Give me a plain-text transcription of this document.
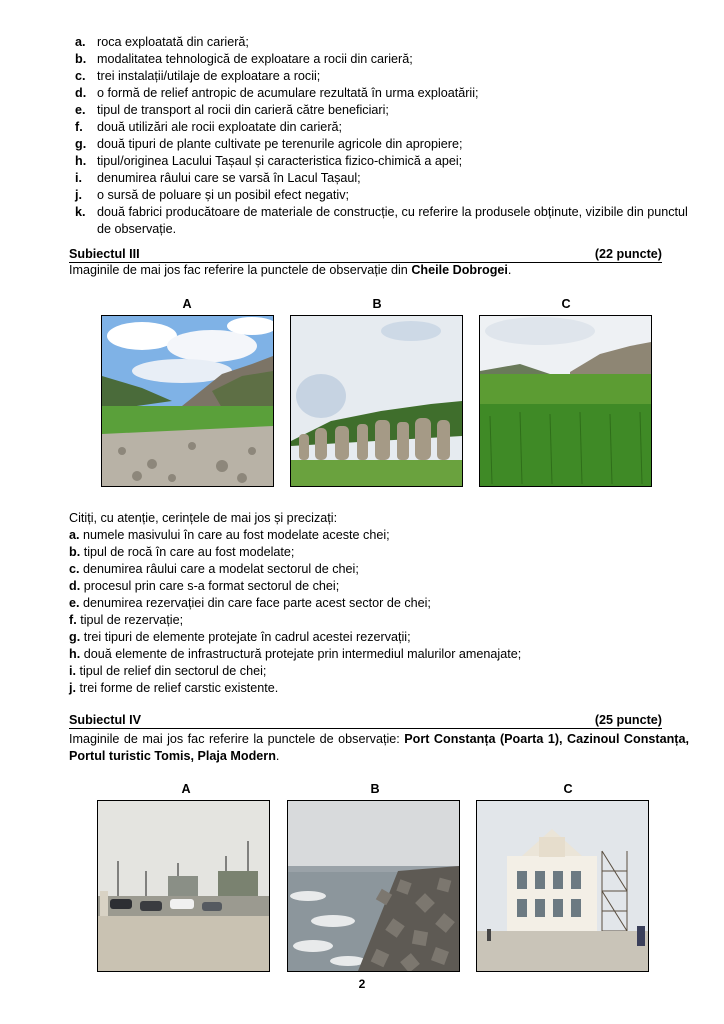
a. roca exploatată din carieră;
b. modalitatea tehnologică de exploatare a rocii din carieră;
c. trei instalații/utilaje de exploatare a rocii;
d. o formă de relief antropic de acumulare rezultată în urma exploatării;
e. tipul de transport al rocii din carieră către beneficiari;
f. două utilizări ale rocii exploatate din carieră;
g. două tipuri de plante cultivate pe terenurile agricole din apropiere;
h. tipul/originea Lacului Tașaul și caracteristica fizico-chimică a apei;
i. denumirea râului care se varsă în Lacul Tașaul;
j. o sursă de poluare și un posibil efect negativ;
k. două fabrici producătoare de materiale de construcție, cu referire la produsele obținute, vizibile din punctul de observație.
Subiectul III	(22 puncte)
Imaginile de mai jos fac referire la punctele de observație din Cheile Dobrogei.
A	B	C
Citiți, cu atenție, cerințele de mai jos și precizați:
a. numele masivului în care au fost modelate aceste chei;
b. tipul de rocă în care au fost modelate;
c. denumirea râului care a modelat sectorul de chei;
d. procesul prin care s-a format sectorul de chei;
e. denumirea rezervației din care face parte acest sector de chei;
f. tipul de rezervație;
g. trei tipuri de elemente protejate în cadrul acestei rezervații;
h. două elemente de infrastructură protejate prin intermediul malurilor amenajate;
i. tipul de relief din sectorul de chei;
j. trei forme de relief carstic existente.
Subiectul IV	(25 puncte)
Imaginile de mai jos fac referire la punctele de observație: Port Constanța (Poarta 1), Cazinoul Constanța, Portul turistic Tomis, Plaja Modern.
A	B	C
2
